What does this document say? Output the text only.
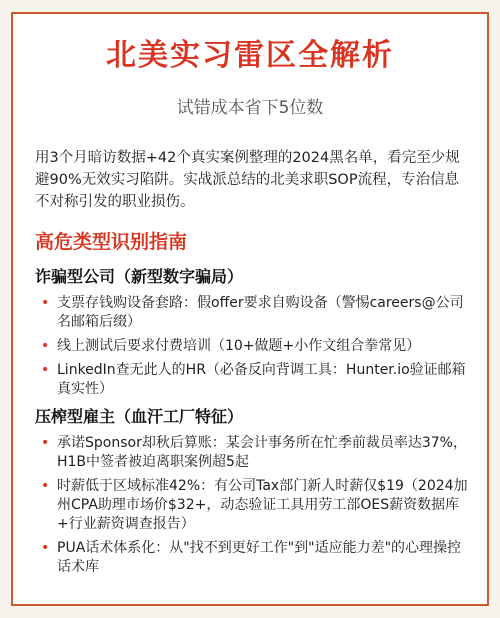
北美实习雷区全解析
试错成本省下5位数
用3个月暗访数据+42个真实案例整理的2024黑名单，看完至少规避90%无效实习陷阱。实战派总结的北美求职SOP流程，专治信息不对称引发的职业损伤。
高危类型识别指南
诈骗型公司（新型数字骗局）
• 支票存钱购设备套路：假offer要求自购设备（警惕careers@公司名邮箱后缀）
• 线上测试后要求付费培训（10+做题+小作文组合拳常见）
• LinkedIn查无此人的HR（必备反向背调工具：Hunter.io验证邮箱真实性）
压榨型雇主（血汗工厂特征）
• 承诺Sponsor却秋后算账：某会计事务所在忙季前裁员率达37%，H1B中签者被迫离职案例超5起
• 时薪低于区域标准42%：有公司Tax部门新人时薪仅$19（2024加州CPA助理市场价$32+，动态验证工具用劳工部OES薪资数据库+行业薪资调查报告）
• PUA话术体系化：从"找不到更好工作"到"适应能力差"的心理操控话术库
